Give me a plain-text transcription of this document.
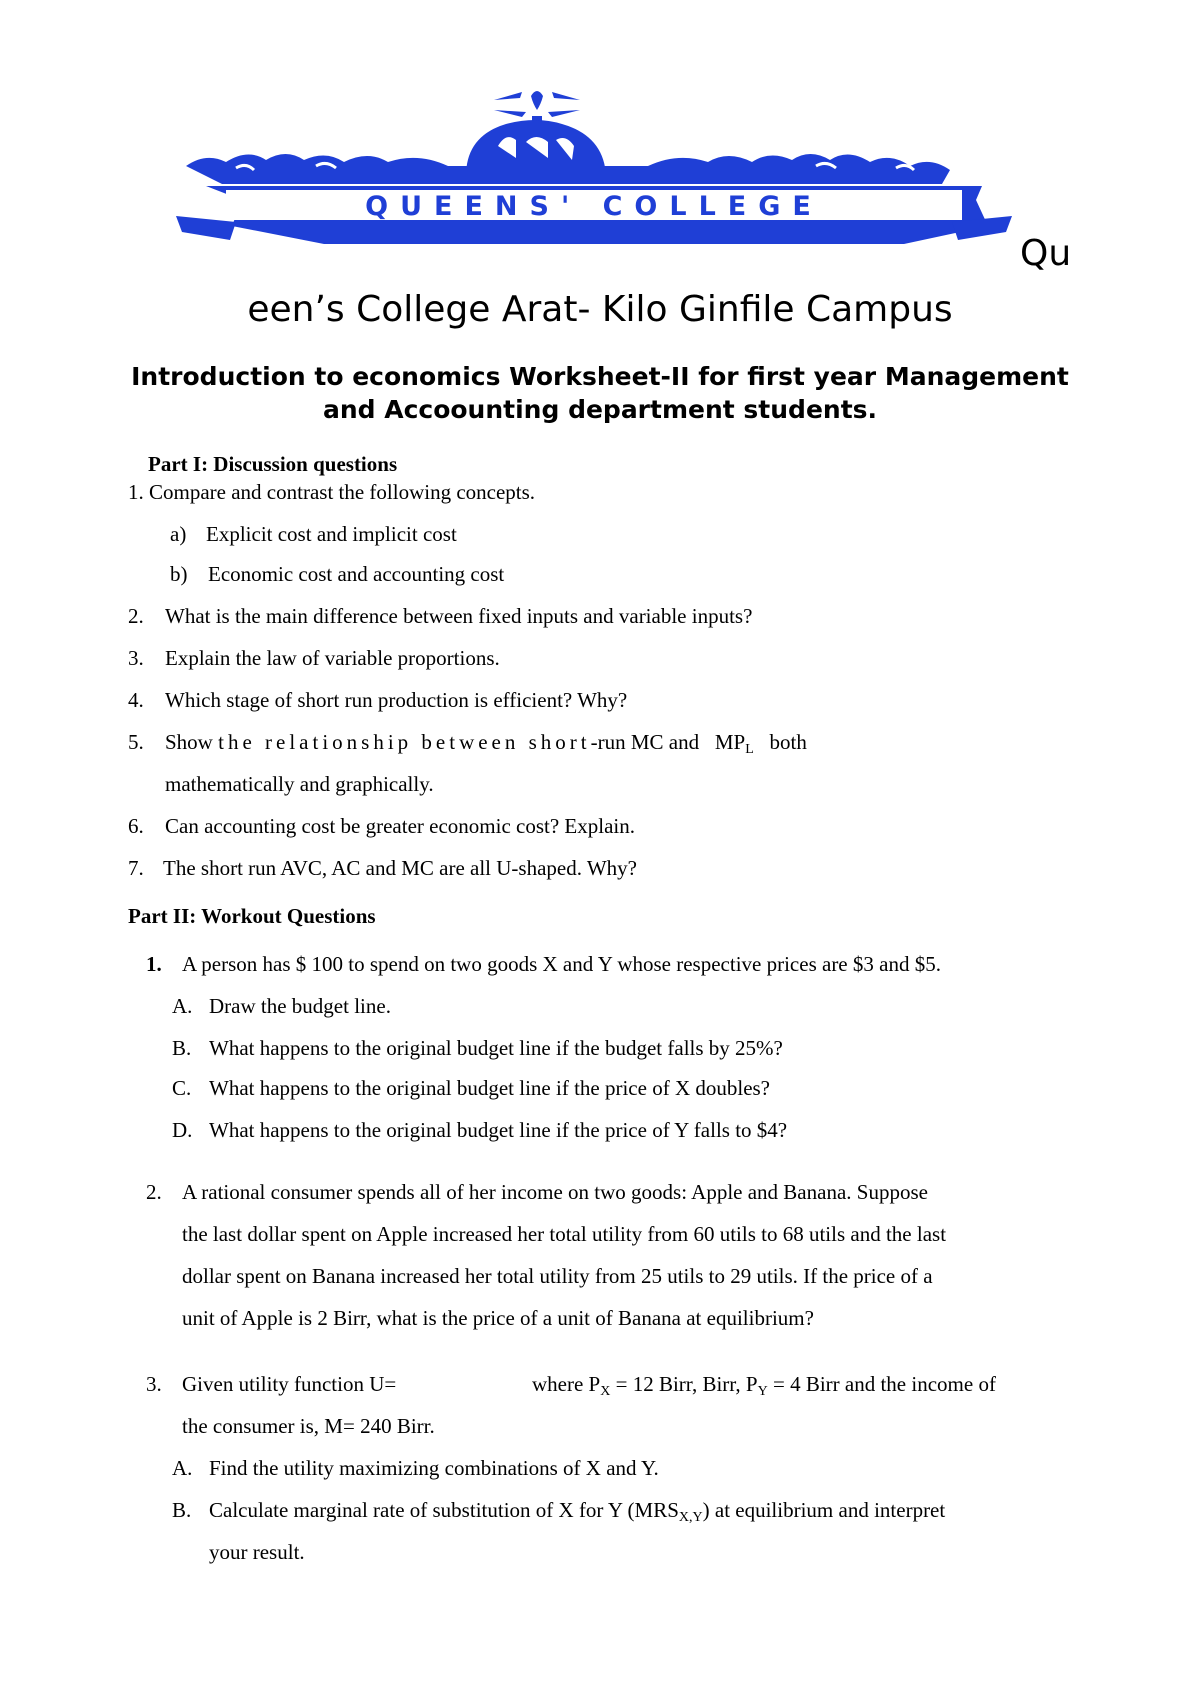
QUEENS' COLLEGE
Qu
een’s College Arat- Kilo Ginfile Campus
Introduction to economics Worksheet-II for first year Management
and Accoounting department students.
Part I: Discussion questions
1. Compare and contrast the following concepts.
a) Explicit cost and implicit cost
b) Economic cost and accounting cost
2. What is the main difference between fixed inputs and variable inputs?
3. Explain the law of variable proportions.
4. Which stage of short run production is efficient? Why?
5. Show the relationship between short-run MC and $MP_L$ both
mathematically and graphically.
6. Can accounting cost be greater economic cost? Explain.
7. The short run AVC, AC and MC are all U-shaped. Why?
Part II: Workout Questions
1. A person has $ 100 to spend on two goods X and Y whose respective prices are $3 and $5.
A. Draw the budget line.
B. What happens to the original budget line if the budget falls by 25%?
C. What happens to the original budget line if the price of X doubles?
D. What happens to the original budget line if the price of Y falls to $4?
2. A rational consumer spends all of her income on two goods: Apple and Banana. Suppose
the last dollar spent on Apple increased her total utility from 60 utils to 68 utils and the last
dollar spent on Banana increased her total utility from 25 utils to 29 utils. If the price of a
unit of Apple is 2 Birr, what is the price of a unit of Banana at equilibrium?
3. Given utility function U=	where $P_X = 12$ Birr, Birr, $P_Y = 4$ Birr and the income of
the consumer is, M= 240 Birr.
A. Find the utility maximizing combinations of X and Y.
B. Calculate marginal rate of substitution of X for Y $(MRS_{X,Y})$ at equilibrium and interpret
your result.
